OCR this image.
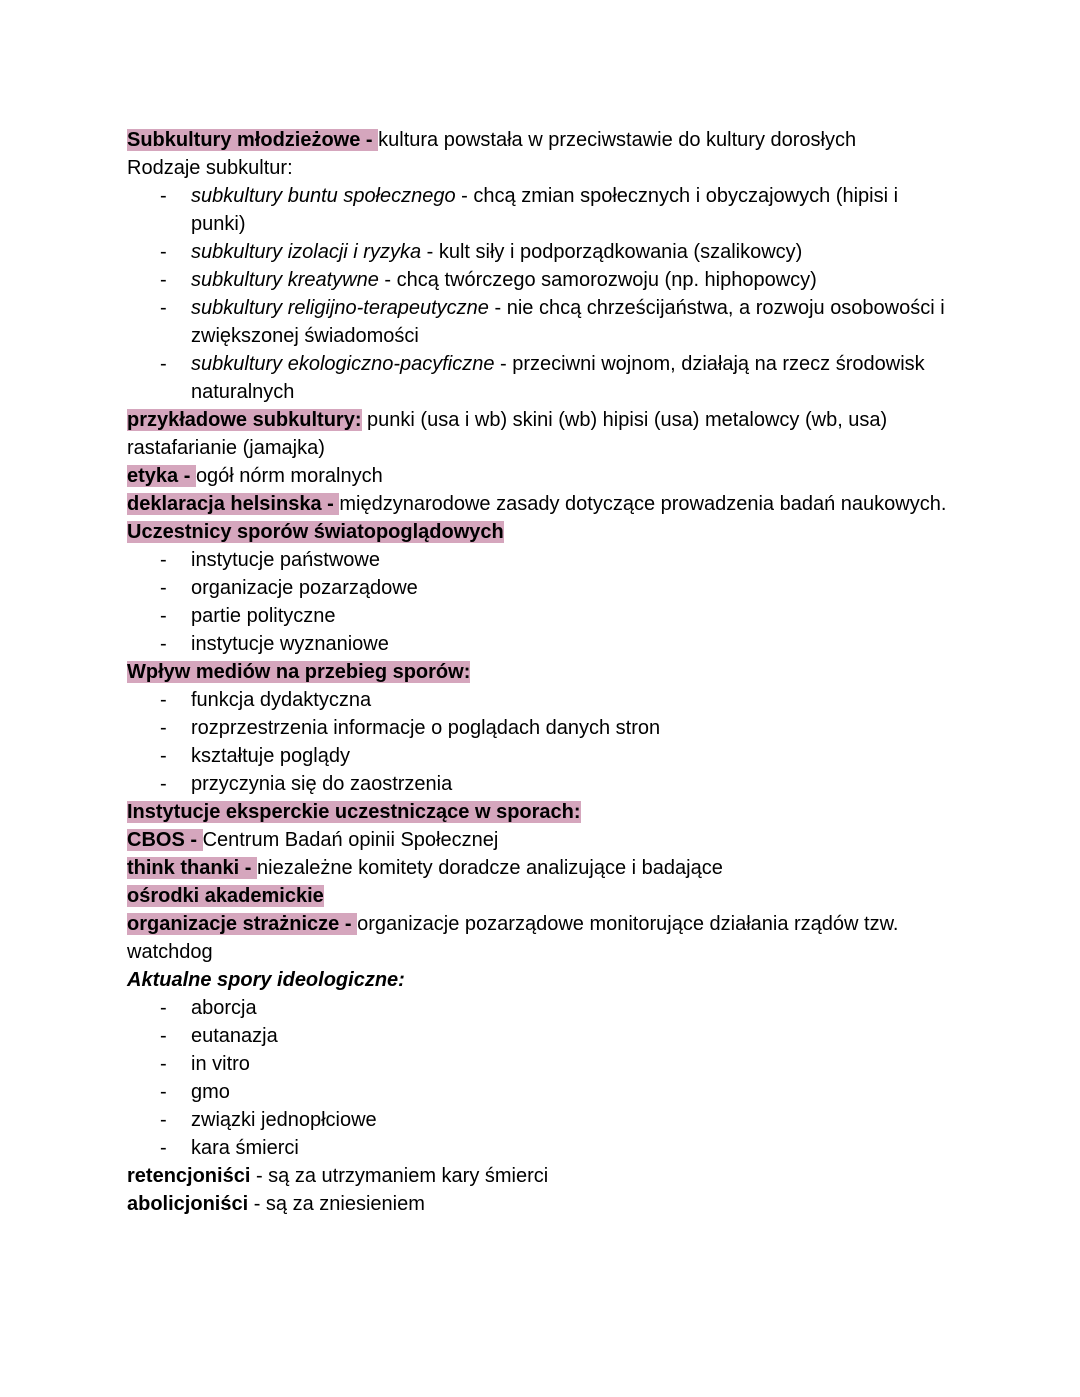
Subkultury młodzieżowe - kultura powstała w przeciwstawie do kultury dorosłych

Rodzaje subkultur:

- subkultury buntu społecznego - chcą zmian społecznych i obyczajowych (hipisi i punki)
- subkultury izolacji i ryzyka - kult siły i podporządkowania (szalikowcy)
- subkultury kreatywne - chcą twórczego samorozwoju (np. hiphopowcy)
- subkultury religijno-terapeutyczne - nie chcą chrześcijaństwa, a rozwoju osobowości i zwiększonej świadomości
- subkultury ekologiczno-pacyficzne - przeciwni wojnom, działają na rzecz środowisk naturalnych

przykładowe subkultury: punki (usa i wb) skini (wb) hipisi (usa) metalowcy (wb, usa) rastafarianie (jamajka)

etyka - ogół nórm moralnych

deklaracja helsinska - międzynarodowe zasady dotyczące prowadzenia badań naukowych.

Uczestnicy sporów światopoglądowych

- instytucje państwowe
- organizacje pozarządowe
- partie polityczne
- instytucje wyznaniowe

Wpływ mediów na przebieg sporów:

- funkcja dydaktyczna
- rozprzestrzenia informacje o poglądach danych stron
- kształtuje poglądy
- przyczynia się do zaostrzenia

Instytucje eksperckie uczestniczące w sporach:

CBOS - Centrum Badań opinii Społecznej

think thanki - niezależne komitety doradcze analizujące i badające

ośrodki akademickie

organizacje strażnicze - organizacje pozarządowe monitorujące działania rządów tzw. watchdog

Aktualne spory ideologiczne:

- aborcja
- eutanazja
- in vitro
- gmo
- związki jednopłciowe
- kara śmierci

retencjoniści - są za utrzymaniem kary śmierci

abolicjoniści - są za zniesieniem
